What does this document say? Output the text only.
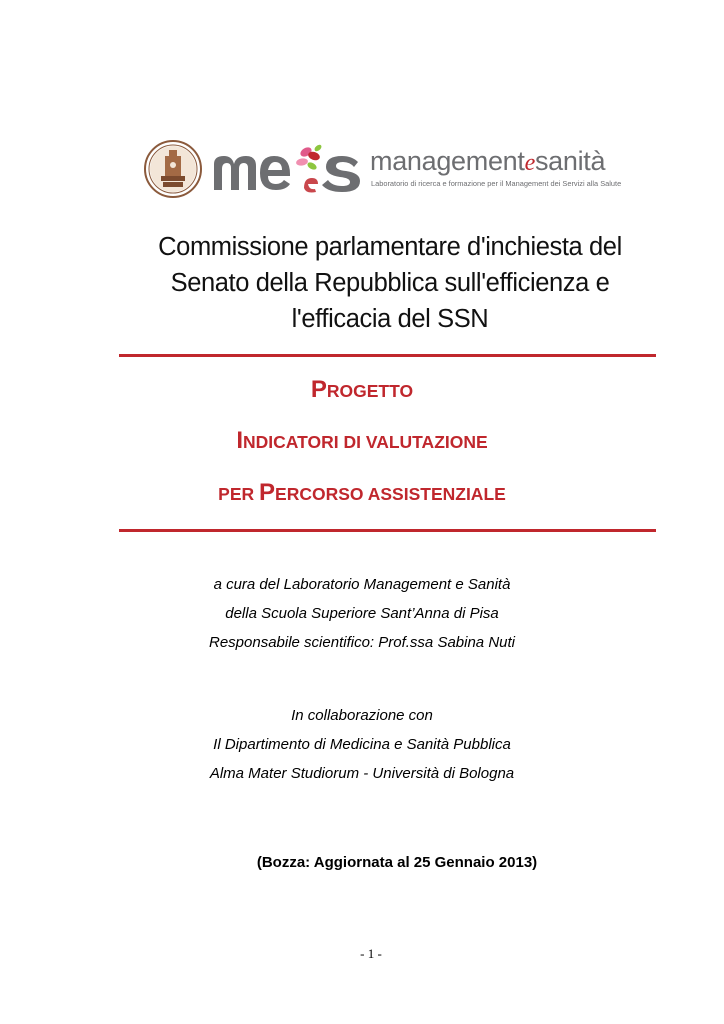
managementesanità
Laboratorio di ricerca e formazione per il Management dei Servizi alla Salute
Commissione parlamentare d'inchiesta del
Senato della Repubblica sull'efficienza e
l'efficacia del SSN
PROGETTO
INDICATORI DI VALUTAZIONE
PER PERCORSO ASSISTENZIALE
a cura del Laboratorio Management e Sanità
della Scuola Superiore Sant’Anna di Pisa
Responsabile scientifico: Prof.ssa Sabina Nuti
In collaborazione con
Il Dipartimento di Medicina e Sanità Pubblica
Alma Mater Studiorum - Università di Bologna
(Bozza: Aggiornata al 25 Gennaio 2013)
- 1 -
